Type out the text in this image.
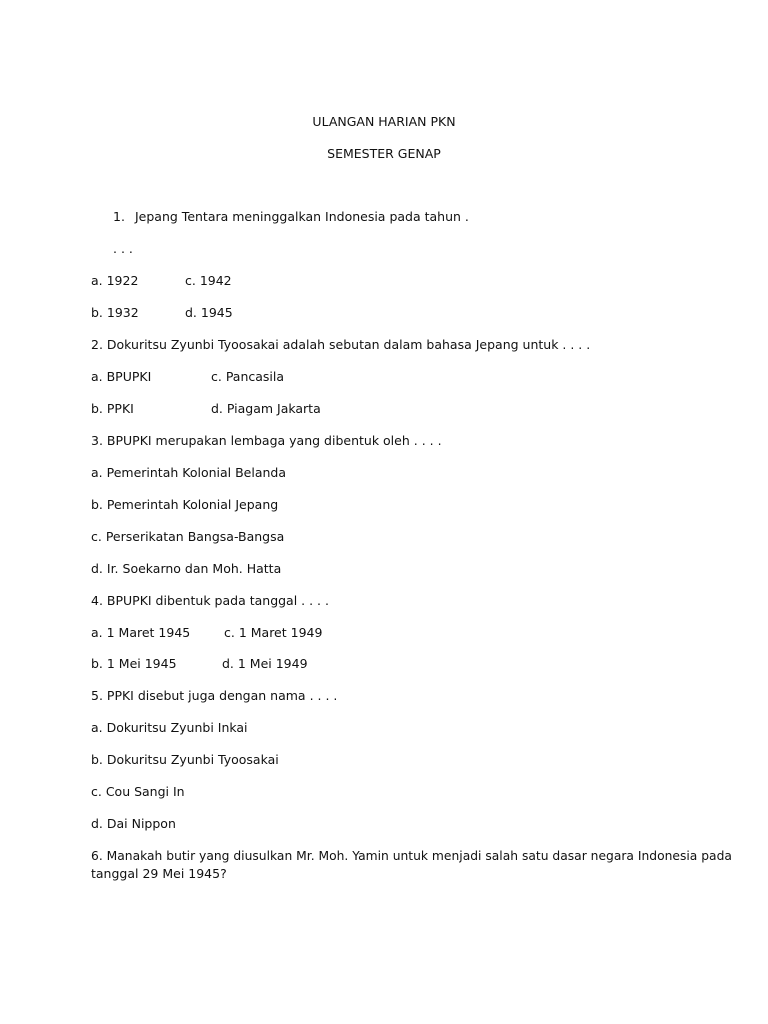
ULANGAN HARIAN PKN
SEMESTER GENAP
1. Jepang Tentara meninggalkan Indonesia pada tahun .
. . .
a. 1922	c. 1942
b. 1932	d. 1945
2. Dokuritsu Zyunbi Tyoosakai adalah sebutan dalam bahasa Jepang untuk . . . .
a. BPUPKI	c. Pancasila
b. PPKI	d. Piagam Jakarta
3. BPUPKI merupakan lembaga yang dibentuk oleh . . . .
a. Pemerintah Kolonial Belanda
b. Pemerintah Kolonial Jepang
c. Perserikatan Bangsa-Bangsa
d. Ir. Soekarno dan Moh. Hatta
4. BPUPKI dibentuk pada tanggal . . . .
a. 1 Maret 1945	c. 1 Maret 1949
b. 1 Mei 1945	d. 1 Mei 1949
5. PPKI disebut juga dengan nama . . . .
a. Dokuritsu Zyunbi Inkai
b. Dokuritsu Zyunbi Tyoosakai
c. Cou Sangi In
d. Dai Nippon
6. Manakah butir yang diusulkan Mr. Moh. Yamin untuk menjadi salah satu dasar negara Indonesia pada
tanggal 29 Mei 1945?
